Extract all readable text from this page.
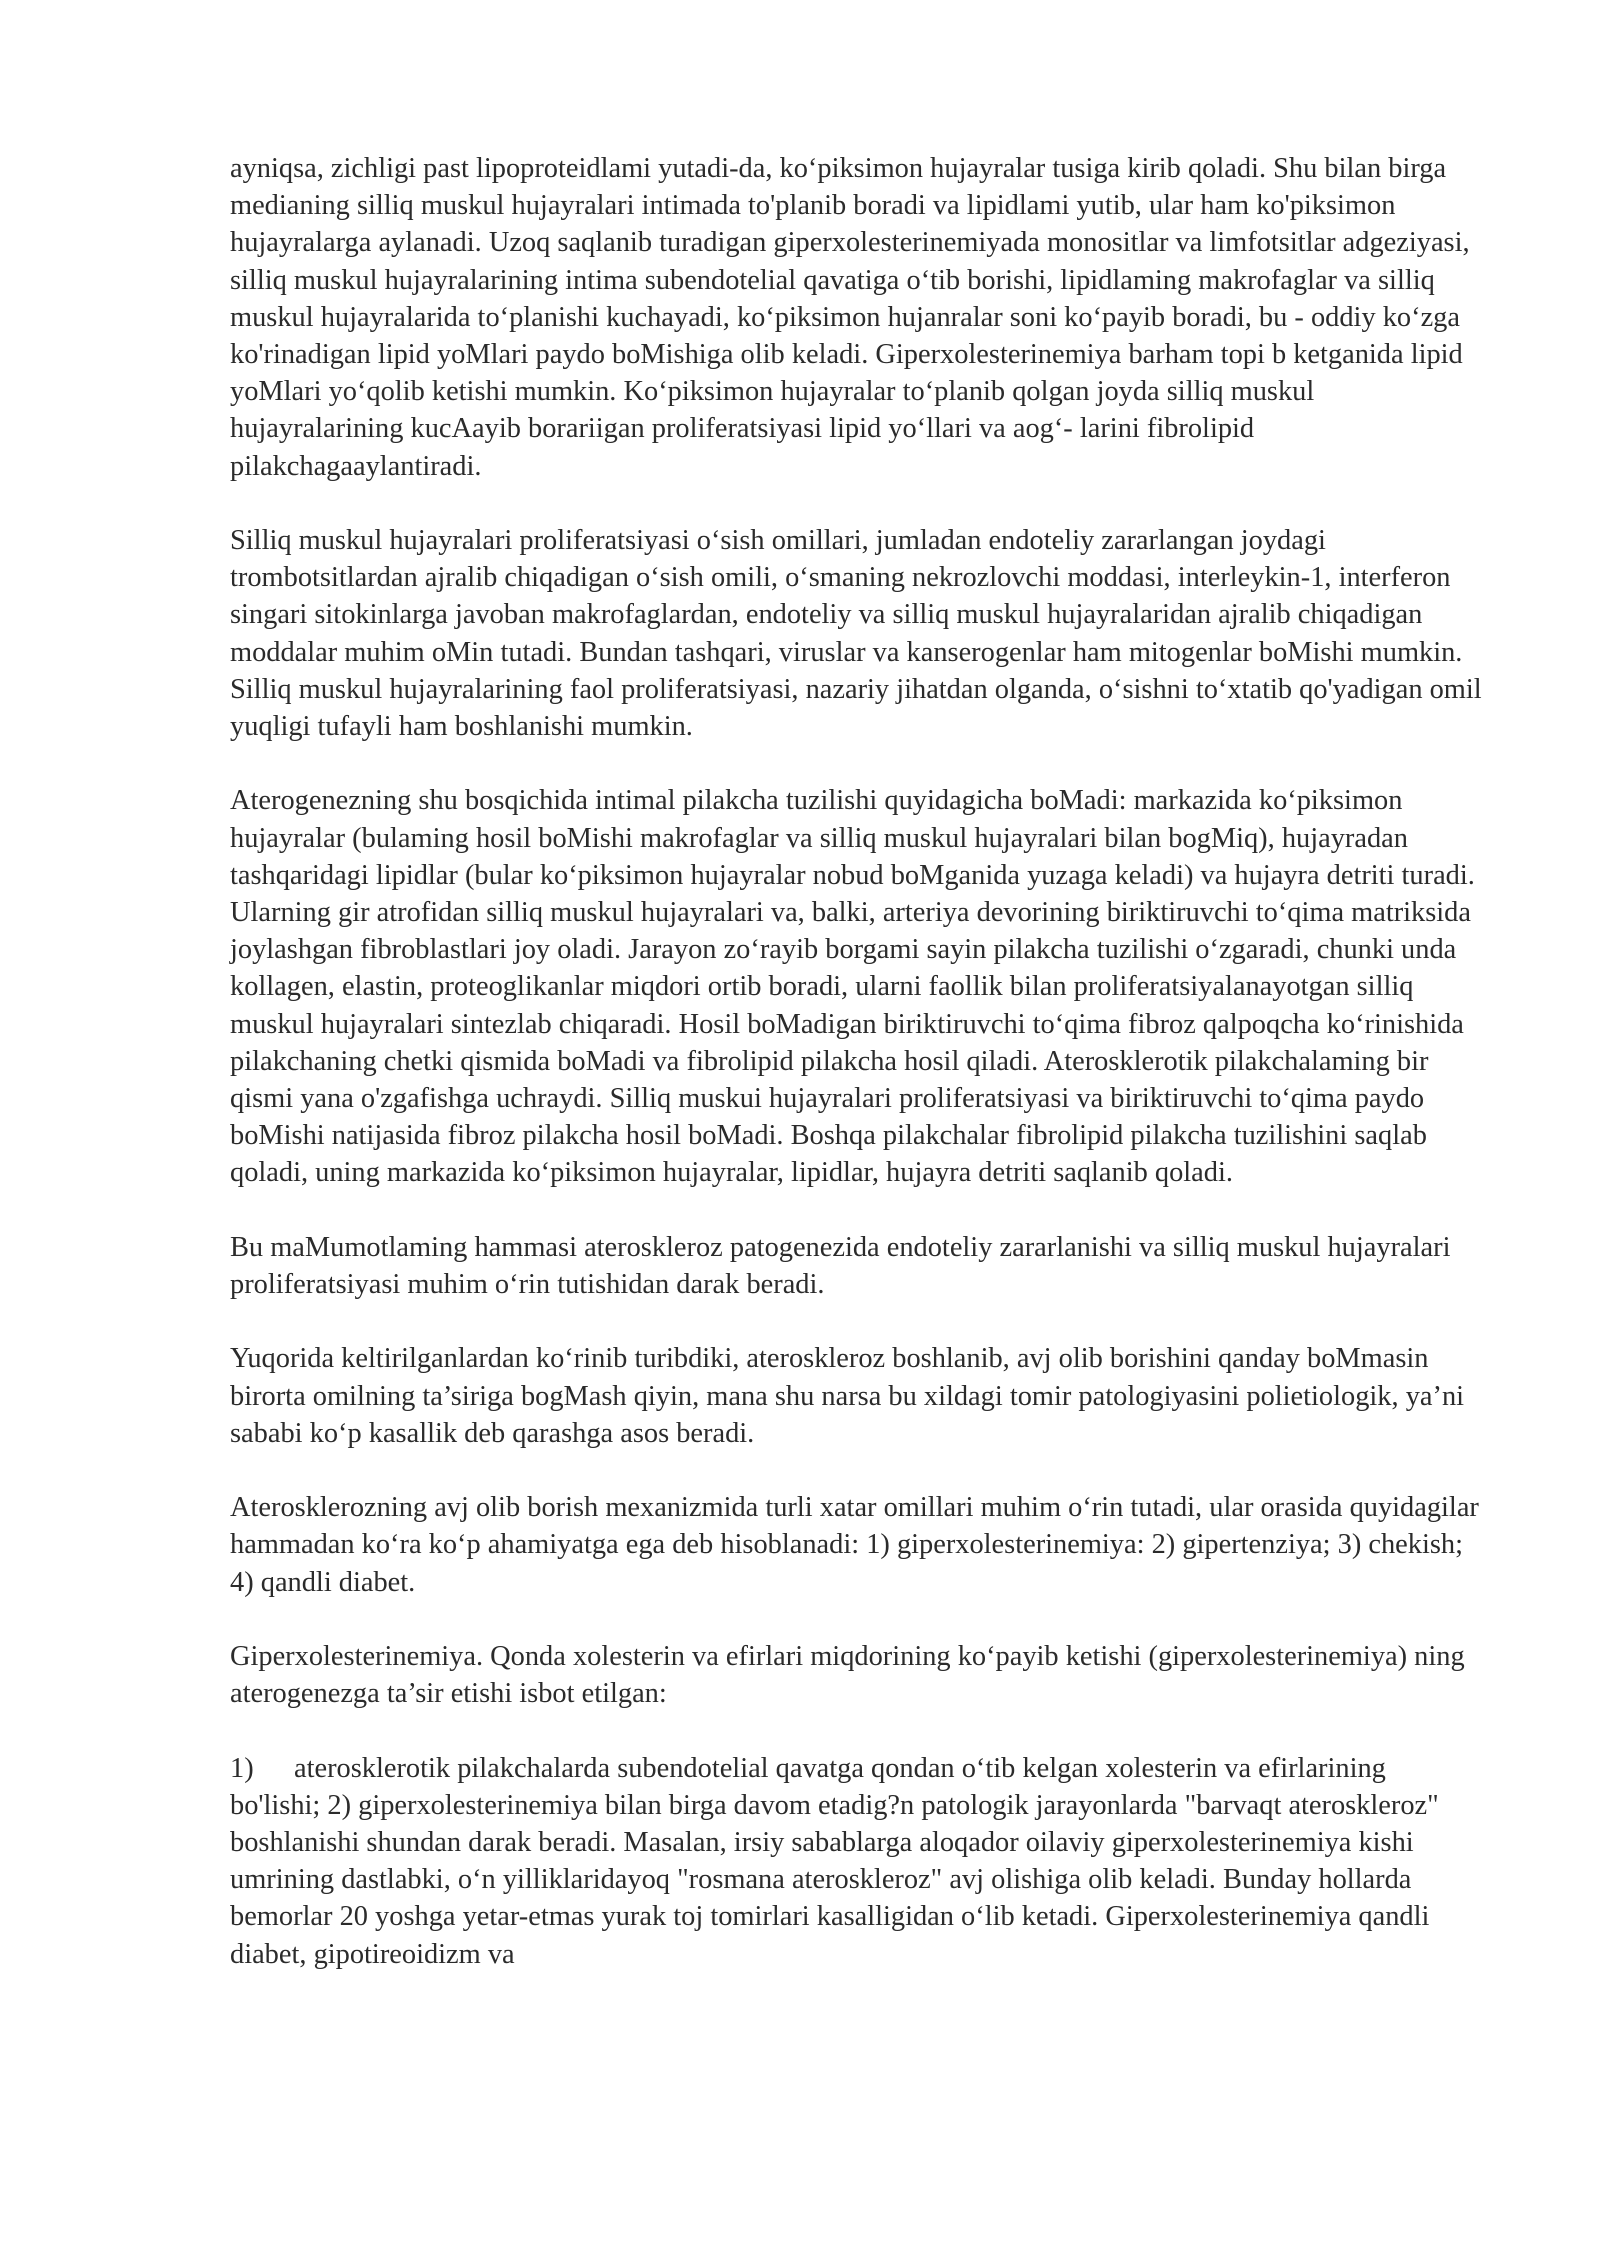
ayniqsa, zichligi past lipoproteidlami yutadi-da, ko‘piksimon hujayralar tusiga kirib qoladi. Shu bilan birga medianing silliq muskul hujayralari intimada to'planib boradi va lipidlami yutib, ular ham ko'piksimon hujayralarga aylanadi. Uzoq saqlanib turadigan giperxolesterinemiyada monositlar va limfotsitlar adgeziyasi, silliq muskul hujayralarining intima subendotelial qavatiga o‘tib borishi, lipidlaming makrofaglar va silliq muskul hujayralarida to‘planishi kuchayadi, ko‘piksimon hujanralar soni ko‘payib boradi, bu - oddiy ko‘zga ko'rinadigan lipid yoMlari paydo boMishiga olib keladi. Giperxolesterinemiya barham topi b ketganida lipid yoMlari yo‘qolib ketishi mumkin. Ko‘piksimon hujayralar to‘planib qolgan joyda silliq muskul hujayralarining kucAayib borariigan proliferatsiyasi lipid yo‘llari va aog‘- larini fibrolipid pilakchagaaylantiradi.

Silliq muskul hujayralari proliferatsiyasi o‘sish omillari, jumladan endoteliy zararlangan joydagi trombotsitlardan ajralib chiqadigan o‘sish omili, o‘smaning nekrozlovchi moddasi, interleykin-1, interferon singari sitokinlarga javoban makrofaglardan, endoteliy va silliq muskul hujayralaridan ajralib chiqadigan moddalar muhim oMin tutadi. Bundan tashqari, viruslar va kanserogenlar ham mitogenlar boMishi mumkin. Silliq muskul hujayralarining faol proliferatsiyasi, nazariy jihatdan olganda, o‘sishni to‘xtatib qo'yadigan omil yuqligi tufayli ham boshlanishi mumkin.

Aterogenezning shu bosqichida intimal pilakcha tuzilishi quyidagicha boMadi: markazida ko‘piksimon hujayralar (bulaming hosil boMishi makrofaglar va silliq muskul hujayralari bilan bogMiq), hujayradan tashqaridagi lipidlar (bular ko‘piksimon hujayralar nobud boMganida yuzaga keladi) va hujayra detriti turadi. Ularning gir atrofidan silliq muskul hujayralari va, balki, arteriya devorining biriktiruvchi to‘qima matriksida joylashgan fibroblastlari joy oladi. Jarayon zo‘rayib borgami sayin pilakcha tuzilishi o‘zgaradi, chunki unda kollagen, elastin, proteoglikanlar miqdori ortib boradi, ularni faollik bilan proliferatsiyalanayotgan silliq muskul hujayralari sintezlab chiqaradi. Hosil boMadigan biriktiruvchi to‘qima fibroz qalpoqcha ko‘rinishida pilakchaning chetki qismida boMadi va fibrolipid pilakcha hosil qiladi. Aterosklerotik pilakchalaming bir qismi yana o'zgafishga uchraydi. Silliq muskui hujayralari proliferatsiyasi va biriktiruvchi to‘qima paydo boMishi natijasida fibroz pilakcha hosil boMadi. Boshqa pilakchalar fibrolipid pilakcha tuzilishini saqlab qoladi, uning markazida ko‘piksimon hujayralar, lipidlar, hujayra detriti saqlanib qoladi.

Bu maMumotlaming hammasi ateroskleroz patogenezida endoteliy zararlanishi va silliq muskul hujayralari proliferatsiyasi muhim o‘rin tutishidan darak beradi.

Yuqorida keltirilganlardan ko‘rinib turibdiki, ateroskleroz boshlanib, avj olib borishini qanday boMmasin birorta omilning ta’siriga bogMash qiyin, mana shu narsa bu xildagi tomir patologiyasini polietiologik, ya’ni sababi ko‘p kasallik deb qarashga asos beradi.

Aterosklerozning avj olib borish mexanizmida turli xatar omillari muhim o‘rin tutadi, ular orasida quyidagilar hammadan ko‘ra ko‘p ahamiyatga ega deb hisoblanadi: 1) giperxolesterinemiya: 2) gipertenziya; 3) chekish; 4) qandli diabet.

Giperxolesterinemiya. Qonda xolesterin va efirlari miqdorining ko‘payib ketishi (giperxolesterinemiya) ning aterogenezga ta’sir etishi isbot etilgan:

1) aterosklerotik pilakchalarda subendotelial qavatga qondan o‘tib kelgan xolesterin va efirlarining bo'lishi; 2) giperxolesterinemiya bilan birga davom etadig?n patologik jarayonlarda "barvaqt ateroskleroz" boshlanishi shundan darak beradi. Masalan, irsiy sabablarga aloqador oilaviy giperxolesterinemiya kishi umrining dastlabki, o‘n yilliklaridayoq "rosmana ateroskleroz" avj olishiga olib keladi. Bunday hollarda bemorlar 20 yoshga yetar-etmas yurak toj tomirlari kasalligidan o‘lib ketadi. Giperxolesterinemiya qandli diabet, gipotireoidizm va
